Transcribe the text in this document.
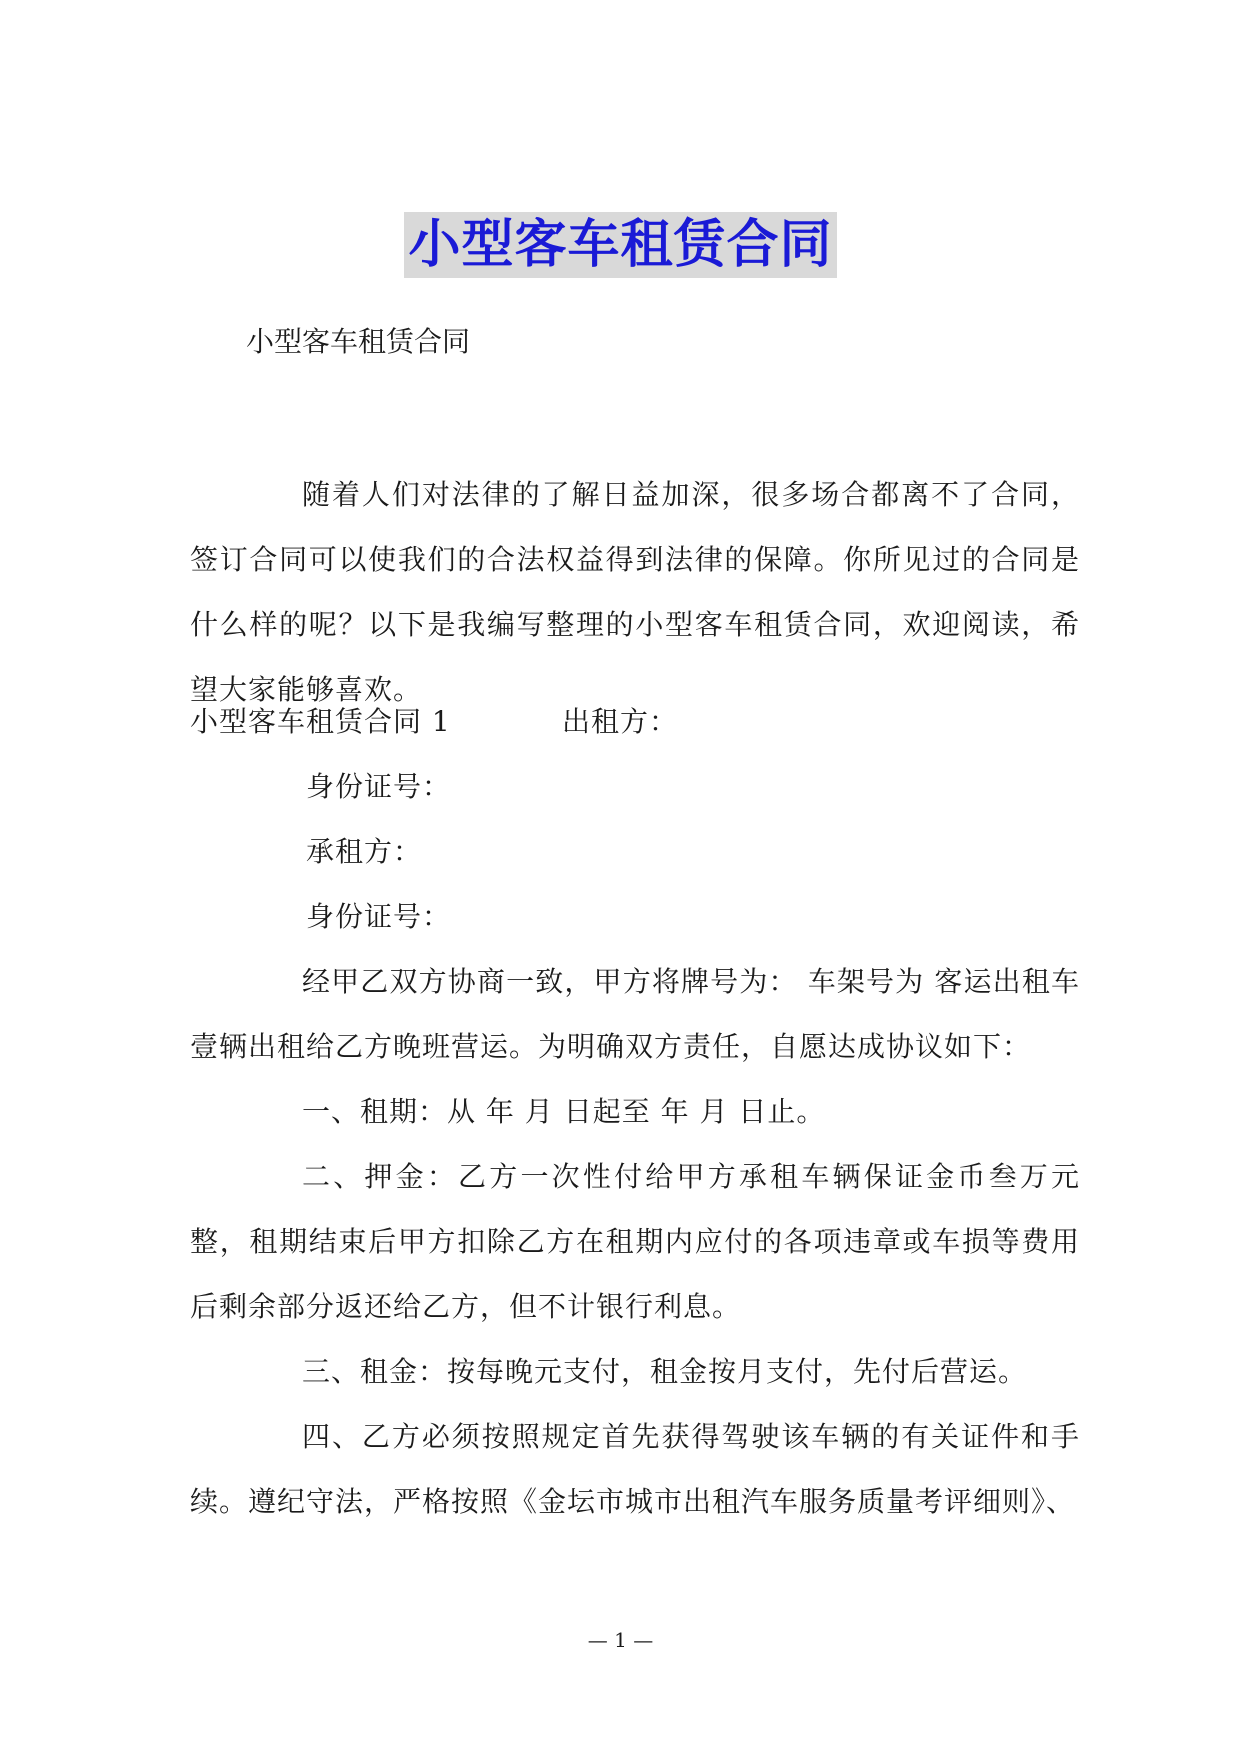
小型客车租赁合同
小型客车租赁合同

随着人们对法律的了解日益加深，很多场合都离不了合同，签订合同可以使我们的合法权益得到法律的保障。你所见过的合同是什么样的呢？以下是我编写整理的小型客车租赁合同，欢迎阅读，希望大家能够喜欢。

小型客车租赁合同 1	出租方：

身份证号：

承租方：

身份证号：

经甲乙双方协商一致，甲方将牌号为： 车架号为 客运出租车壹辆出租给乙方晚班营运。为明确双方责任，自愿达成协议如下：

一、租期：从 年 月 日起至 年 月 日止。

二、押金：乙方一次性付给甲方承租车辆保证金币叁万元整，租期结束后甲方扣除乙方在租期内应付的各项违章或车损等费用后剩余部分返还给乙方，但不计银行利息。

三、租金：按每晚元支付，租金按月支付，先付后营运。

四、乙方必须按照规定首先获得驾驶该车辆的有关证件和手续。遵纪守法，严格按照《金坛市城市出租汽车服务质量考评细则》、

— 1 —
